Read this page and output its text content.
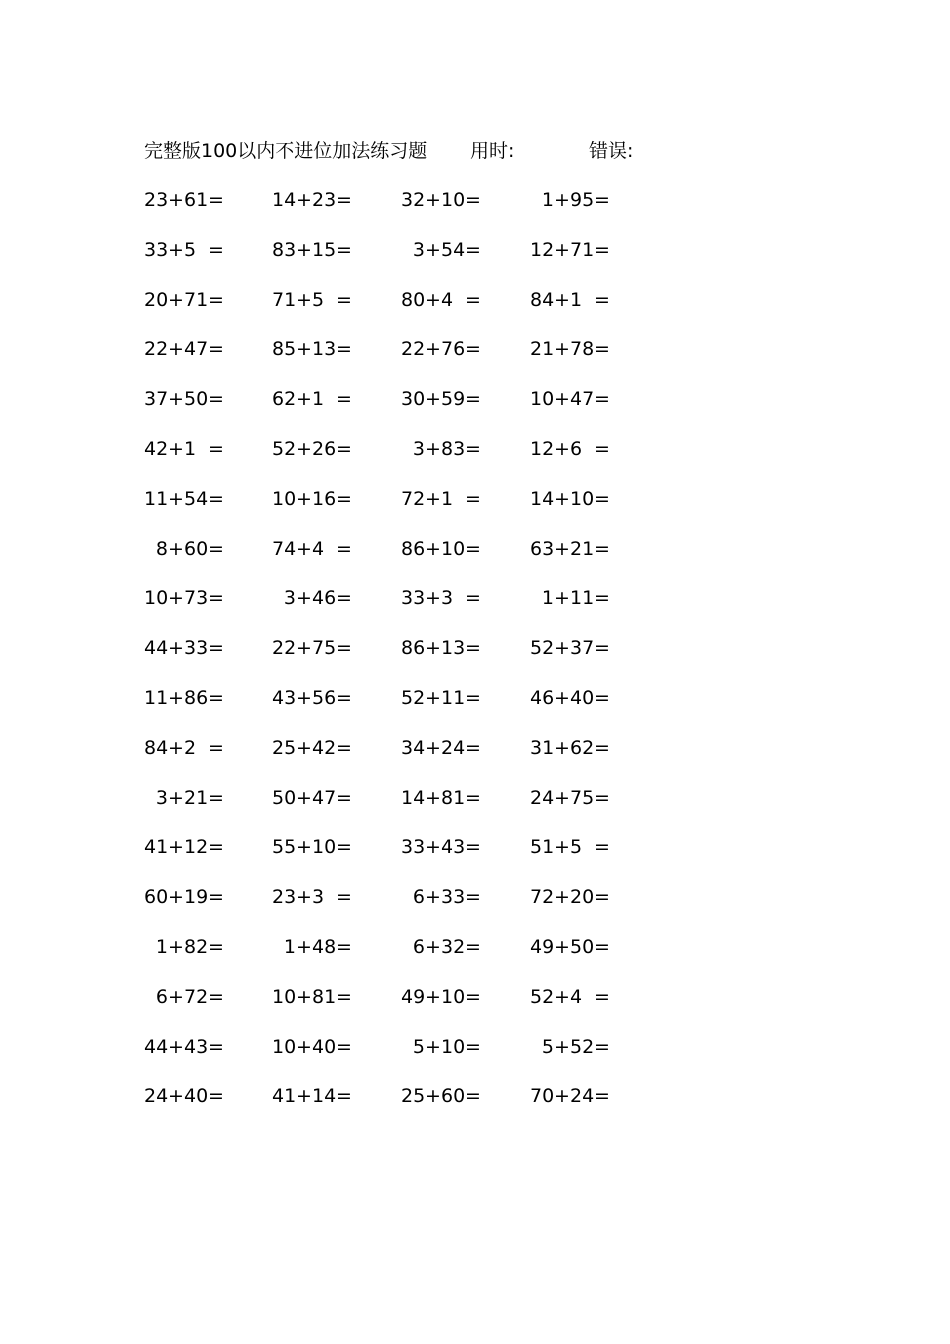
完整版100以内不进位加法练习题 用时:	错误:
23+61=	14+23=	32+10=	1+95=
33+5 =	83+15=	3+54=	12+71=
20+71=	71+5 =	80+4 =	84+1 =
22+47=	85+13=	22+76=	21+78=
37+50=	62+1 =	30+59=	10+47=
42+1 =	52+26=	3+83=	12+6 =
11+54=	10+16=	72+1 =	14+10=
8+60=	74+4 =	86+10=	63+21=
10+73=	3+46=	33+3 =	1+11=
44+33=	22+75=	86+13=	52+37=
11+86=	43+56=	52+11=	46+40=
84+2 =	25+42=	34+24=	31+62=
3+21=	50+47=	14+81=	24+75=
41+12=	55+10=	33+43=	51+5 =
60+19=	23+3 =	6+33=	72+20=
1+82=	1+48=	6+32=	49+50=
6+72=	10+81=	49+10=	52+4 =
44+43=	10+40=	5+10=	5+52=
24+40=	41+14=	25+60=	70+24=
